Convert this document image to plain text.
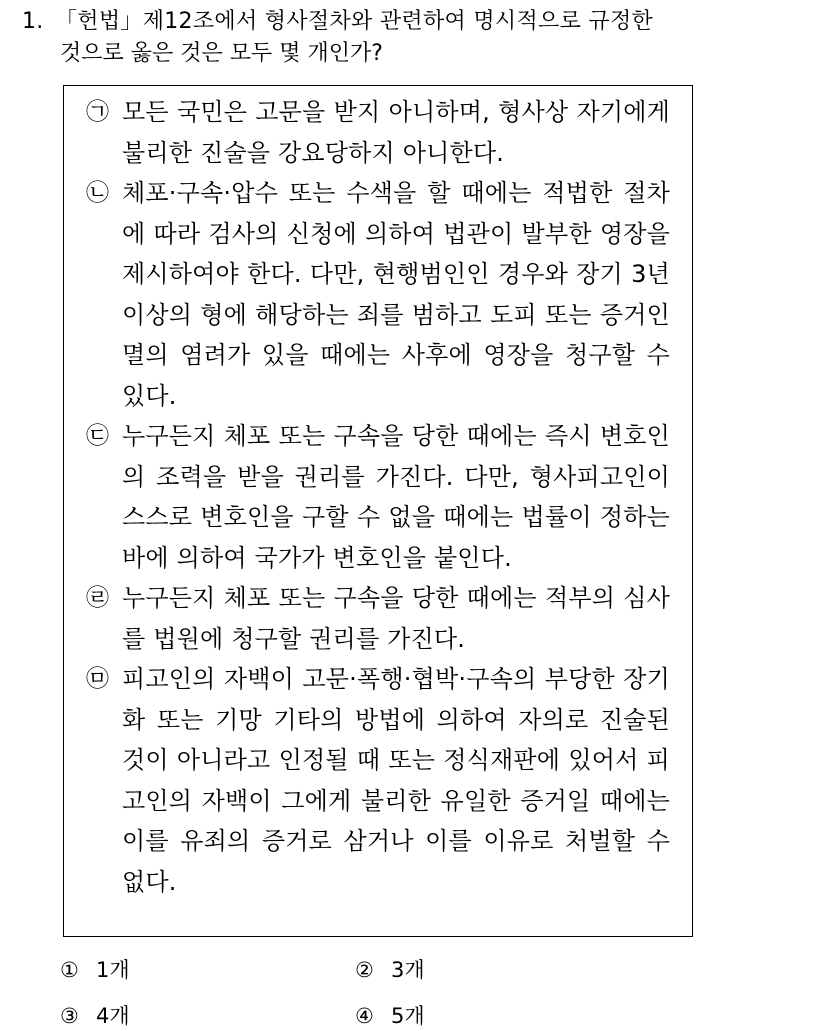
1. 「헌법」제12조에서 형사절차와 관련하여 명시적으로 규정한
것으로 옳은 것은 모두 몇 개인가?
㉠ 모든 국민은 고문을 받지 아니하며, 형사상 자기에게 불리한 진술을 강요당하지 아니한다.
㉡ 체포·구속·압수 또는 수색을 할 때에는 적법한 절차에 따라 검사의 신청에 의하여 법관이 발부한 영장을 제시하여야 한다. 다만, 현행범인인 경우와 장기 3년 이상의 형에 해당하는 죄를 범하고 도피 또는 증거인멸의 염려가 있을 때에는 사후에 영장을 청구할 수 있다.
㉢ 누구든지 체포 또는 구속을 당한 때에는 즉시 변호인의 조력을 받을 권리를 가진다. 다만, 형사피고인이 스스로 변호인을 구할 수 없을 때에는 법률이 정하는 바에 의하여 국가가 변호인을 붙인다.
㉣ 누구든지 체포 또는 구속을 당한 때에는 적부의 심사를 법원에 청구할 권리를 가진다.
㉤ 피고인의 자백이 고문·폭행·협박·구속의 부당한 장기화 또는 기망 기타의 방법에 의하여 자의로 진술된 것이 아니라고 인정될 때 또는 정식재판에 있어서 피고인의 자백이 그에게 불리한 유일한 증거일 때에는 이를 유죄의 증거로 삼거나 이를 이유로 처벌할 수 없다.
① 1개	② 3개
③ 4개	④ 5개
